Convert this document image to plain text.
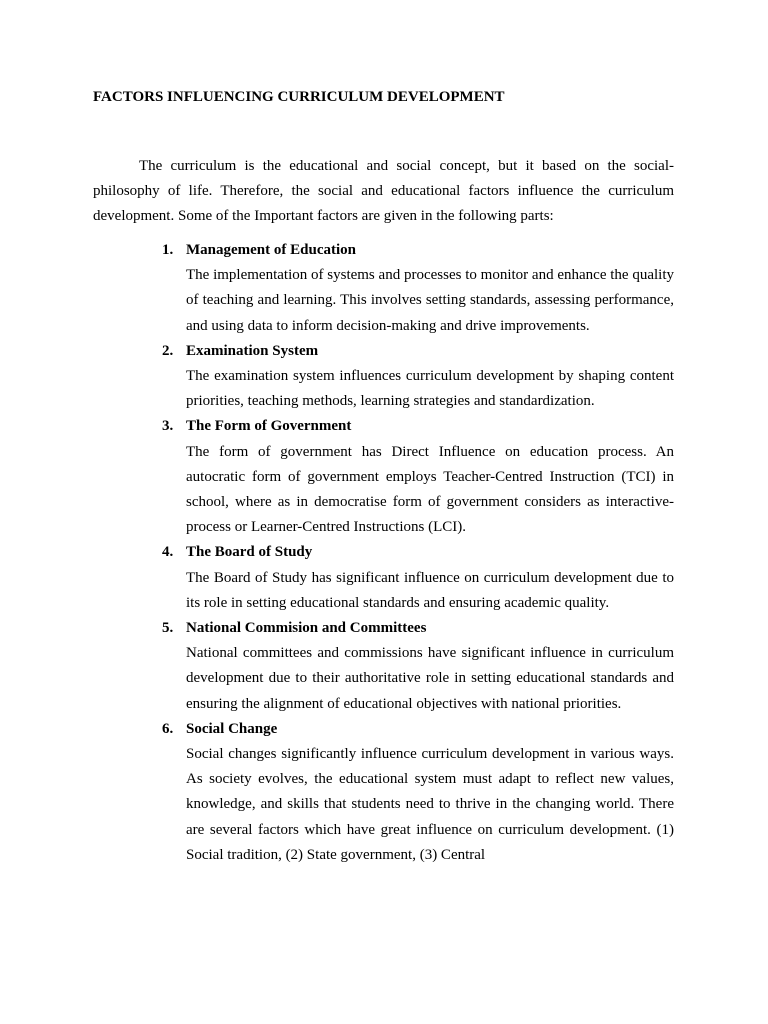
FACTORS INFLUENCING CURRICULUM DEVELOPMENT

The curriculum is the educational and social concept, but it based on the social-philosophy of life. Therefore, the social and educational factors influence the curriculum development. Some of the Important factors are given in the following parts:

1. Management of Education
The implementation of systems and processes to monitor and enhance the quality of teaching and learning. This involves setting standards, assessing performance, and using data to inform decision-making and drive improvements.
2. Examination System
The examination system influences curriculum development by shaping content priorities, teaching methods, learning strategies and standardization.
3. The Form of Government
The form of government has Direct Influence on education process. An autocratic form of government employs Teacher-Centred Instruction (TCI) in school, where as in democratise form of government considers as interactive-process or Learner-Centred Instructions (LCI).
4. The Board of Study
The Board of Study has significant influence on curriculum development due to its role in setting educational standards and ensuring academic quality.
5. National Commision and Committees
National committees and commissions have significant influence in curriculum development due to their authoritative role in setting educational standards and ensuring the alignment of educational objectives with national priorities.
6. Social Change
Social changes significantly influence curriculum development in various ways. As society evolves, the educational system must adapt to reflect new values, knowledge, and skills that students need to thrive in the changing world. There are several factors which have great influence on curriculum development. (1) Social tradition, (2) State government, (3) Central
